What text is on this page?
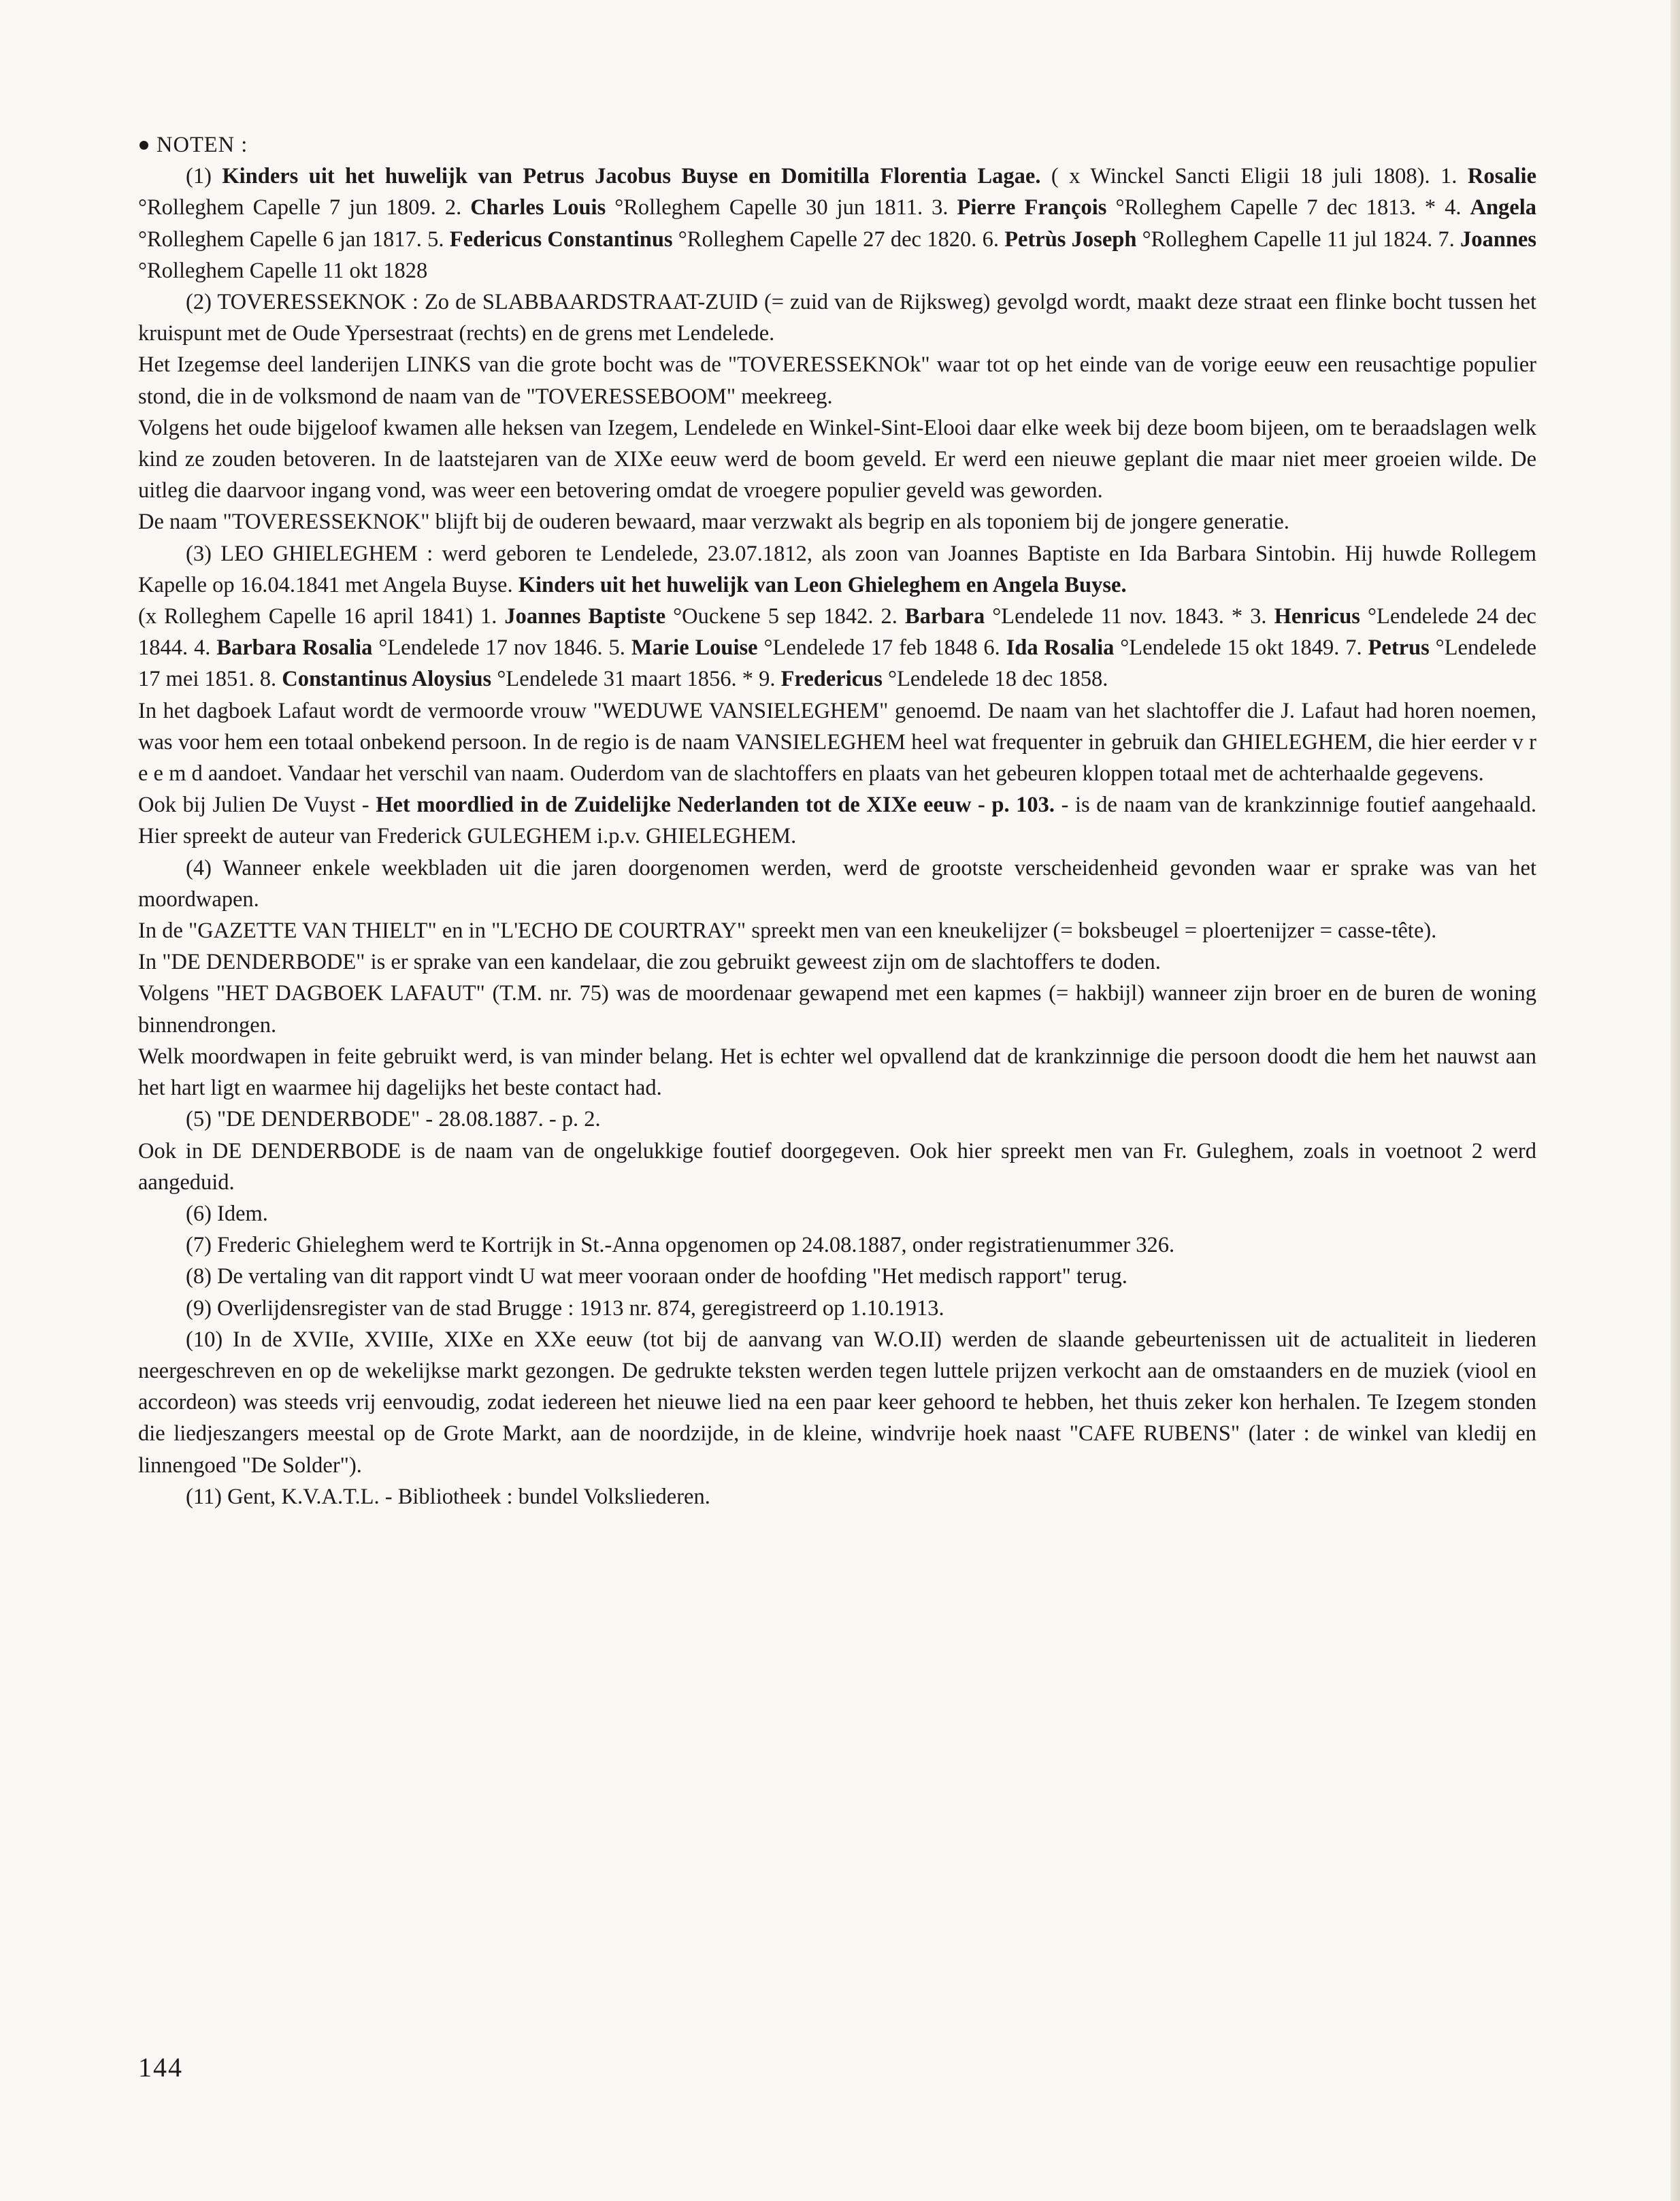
NOTEN :

(1) Kinders uit het huwelijk van Petrus Jacobus Buyse en Domitilla Florentia Lagae. ( x Winckel Sancti Eligii 18 juli 1808). 1. Rosalie °Rolleghem Capelle 7 jun 1809. 2. Charles Louis °Rolleghem Capelle 30 jun 1811. 3. Pierre François °Rolleghem Capelle 7 dec 1813. * 4. Angela °Rolleghem Capelle 6 jan 1817. 5. Federicus Constantinus °Rolleghem Capelle 27 dec 1820. 6. Petrùs Joseph °Rolleghem Capelle 11 jul 1824. 7. Joannes °Rolleghem Capelle 11 okt 1828

(2) TOVERESSEKNOK : Zo de SLABBAARDSTRAAT-ZUID (= zuid van de Rijksweg) gevolgd wordt, maakt deze straat een flinke bocht tussen het kruispunt met de Oude Ypersestraat (rechts) en de grens met Lendelede.

Het Izegemse deel landerijen LINKS van die grote bocht was de "TOVERESSEKNOk" waar tot op het einde van de vorige eeuw een reusachtige populier stond, die in de volksmond de naam van de "TOVERESSEBOOM" meekreeg.

Volgens het oude bijgeloof kwamen alle heksen van Izegem, Lendelede en Winkel-Sint-Elooi daar elke week bij deze boom bijeen, om te beraadslagen welk kind ze zouden betoveren. In de laatstejaren van de XIXe eeuw werd de boom geveld. Er werd een nieuwe geplant die maar niet meer groeien wilde. De uitleg die daarvoor ingang vond, was weer een betovering omdat de vroegere populier geveld was geworden.

De naam "TOVERESSEKNOK" blijft bij de ouderen bewaard, maar verzwakt als begrip en als toponiem bij de jongere generatie.

(3) LEO GHIELEGHEM : werd geboren te Lendelede, 23.07.1812, als zoon van Joannes Baptiste en Ida Barbara Sintobin. Hij huwde Rollegem Kapelle op 16.04.1841 met Angela Buyse. Kinders uit het huwelijk van Leon Ghieleghem en Angela Buyse.

(x Rolleghem Capelle 16 april 1841) 1. Joannes Baptiste °Ouckene 5 sep 1842. 2. Barbara °Lendelede 11 nov. 1843. * 3. Henricus °Lendelede 24 dec 1844. 4. Barbara Rosalia °Lendelede 17 nov 1846. 5. Marie Louise °Lendelede 17 feb 1848 6. Ida Rosalia °Lendelede 15 okt 1849. 7. Petrus °Lendelede 17 mei 1851. 8. Constantinus Aloysius °Lendelede 31 maart 1856. * 9. Fredericus °Lendelede 18 dec 1858.

In het dagboek Lafaut wordt de vermoorde vrouw "WEDUWE VANSIELEGHEM" genoemd. De naam van het slachtoffer die J. Lafaut had horen noemen, was voor hem een totaal onbekend persoon. In de regio is de naam VANSIELEGHEM heel wat frequenter in gebruik dan GHIELEGHEM, die hier eerder v r e e m d aandoet. Vandaar het verschil van naam. Ouderdom van de slachtoffers en plaats van het gebeuren kloppen totaal met de achterhaalde gegevens.

Ook bij Julien De Vuyst - Het moordlied in de Zuidelijke Nederlanden tot de XIXe eeuw - p. 103. - is de naam van de krankzinnige foutief aangehaald. Hier spreekt de auteur van Frederick GULEGHEM i.p.v. GHIELEGHEM.

(4) Wanneer enkele weekbladen uit die jaren doorgenomen werden, werd de grootste verscheidenheid gevonden waar er sprake was van het moordwapen.

In de "GAZETTE VAN THIELT" en in "L'ECHO DE COURTRAY" spreekt men van een kneukelijzer (= boksbeugel = ploertenijzer = casse-tête).

In "DE DENDERBODE" is er sprake van een kandelaar, die zou gebruikt geweest zijn om de slachtoffers te doden.

Volgens "HET DAGBOEK LAFAUT" (T.M. nr. 75) was de moordenaar gewapend met een kapmes (= hakbijl) wanneer zijn broer en de buren de woning binnendrongen.

Welk moordwapen in feite gebruikt werd, is van minder belang. Het is echter wel opvallend dat de krankzinnige die persoon doodt die hem het nauwst aan het hart ligt en waarmee hij dagelijks het beste contact had.

(5) "DE DENDERBODE" - 28.08.1887. - p. 2.

Ook in DE DENDERBODE is de naam van de ongelukkige foutief doorgegeven. Ook hier spreekt men van Fr. Guleghem, zoals in voetnoot 2 werd aangeduid.

(6) Idem.

(7) Frederic Ghieleghem werd te Kortrijk in St.-Anna opgenomen op 24.08.1887, onder registratienummer 326.

(8) De vertaling van dit rapport vindt U wat meer vooraan onder de hoofding "Het medisch rapport" terug.

(9) Overlijdensregister van de stad Brugge : 1913 nr. 874, geregistreerd op 1.10.1913.

(10) In de XVIIe, XVIIIe, XIXe en XXe eeuw (tot bij de aanvang van W.O.II) werden de slaande gebeurtenissen uit de actualiteit in liederen neergeschreven en op de wekelijkse markt gezongen. De gedrukte teksten werden tegen luttele prijzen verkocht aan de omstaanders en de muziek (viool en accordeon) was steeds vrij eenvoudig, zodat iedereen het nieuwe lied na een paar keer gehoord te hebben, het thuis zeker kon herhalen. Te Izegem stonden die liedjeszangers meestal op de Grote Markt, aan de noordzijde, in de kleine, windvrije hoek naast "CAFE RUBENS" (later : de winkel van kledij en linnengoed "De Solder").

(11) Gent, K.V.A.T.L. - Bibliotheek : bundel Volksliederen.

144
